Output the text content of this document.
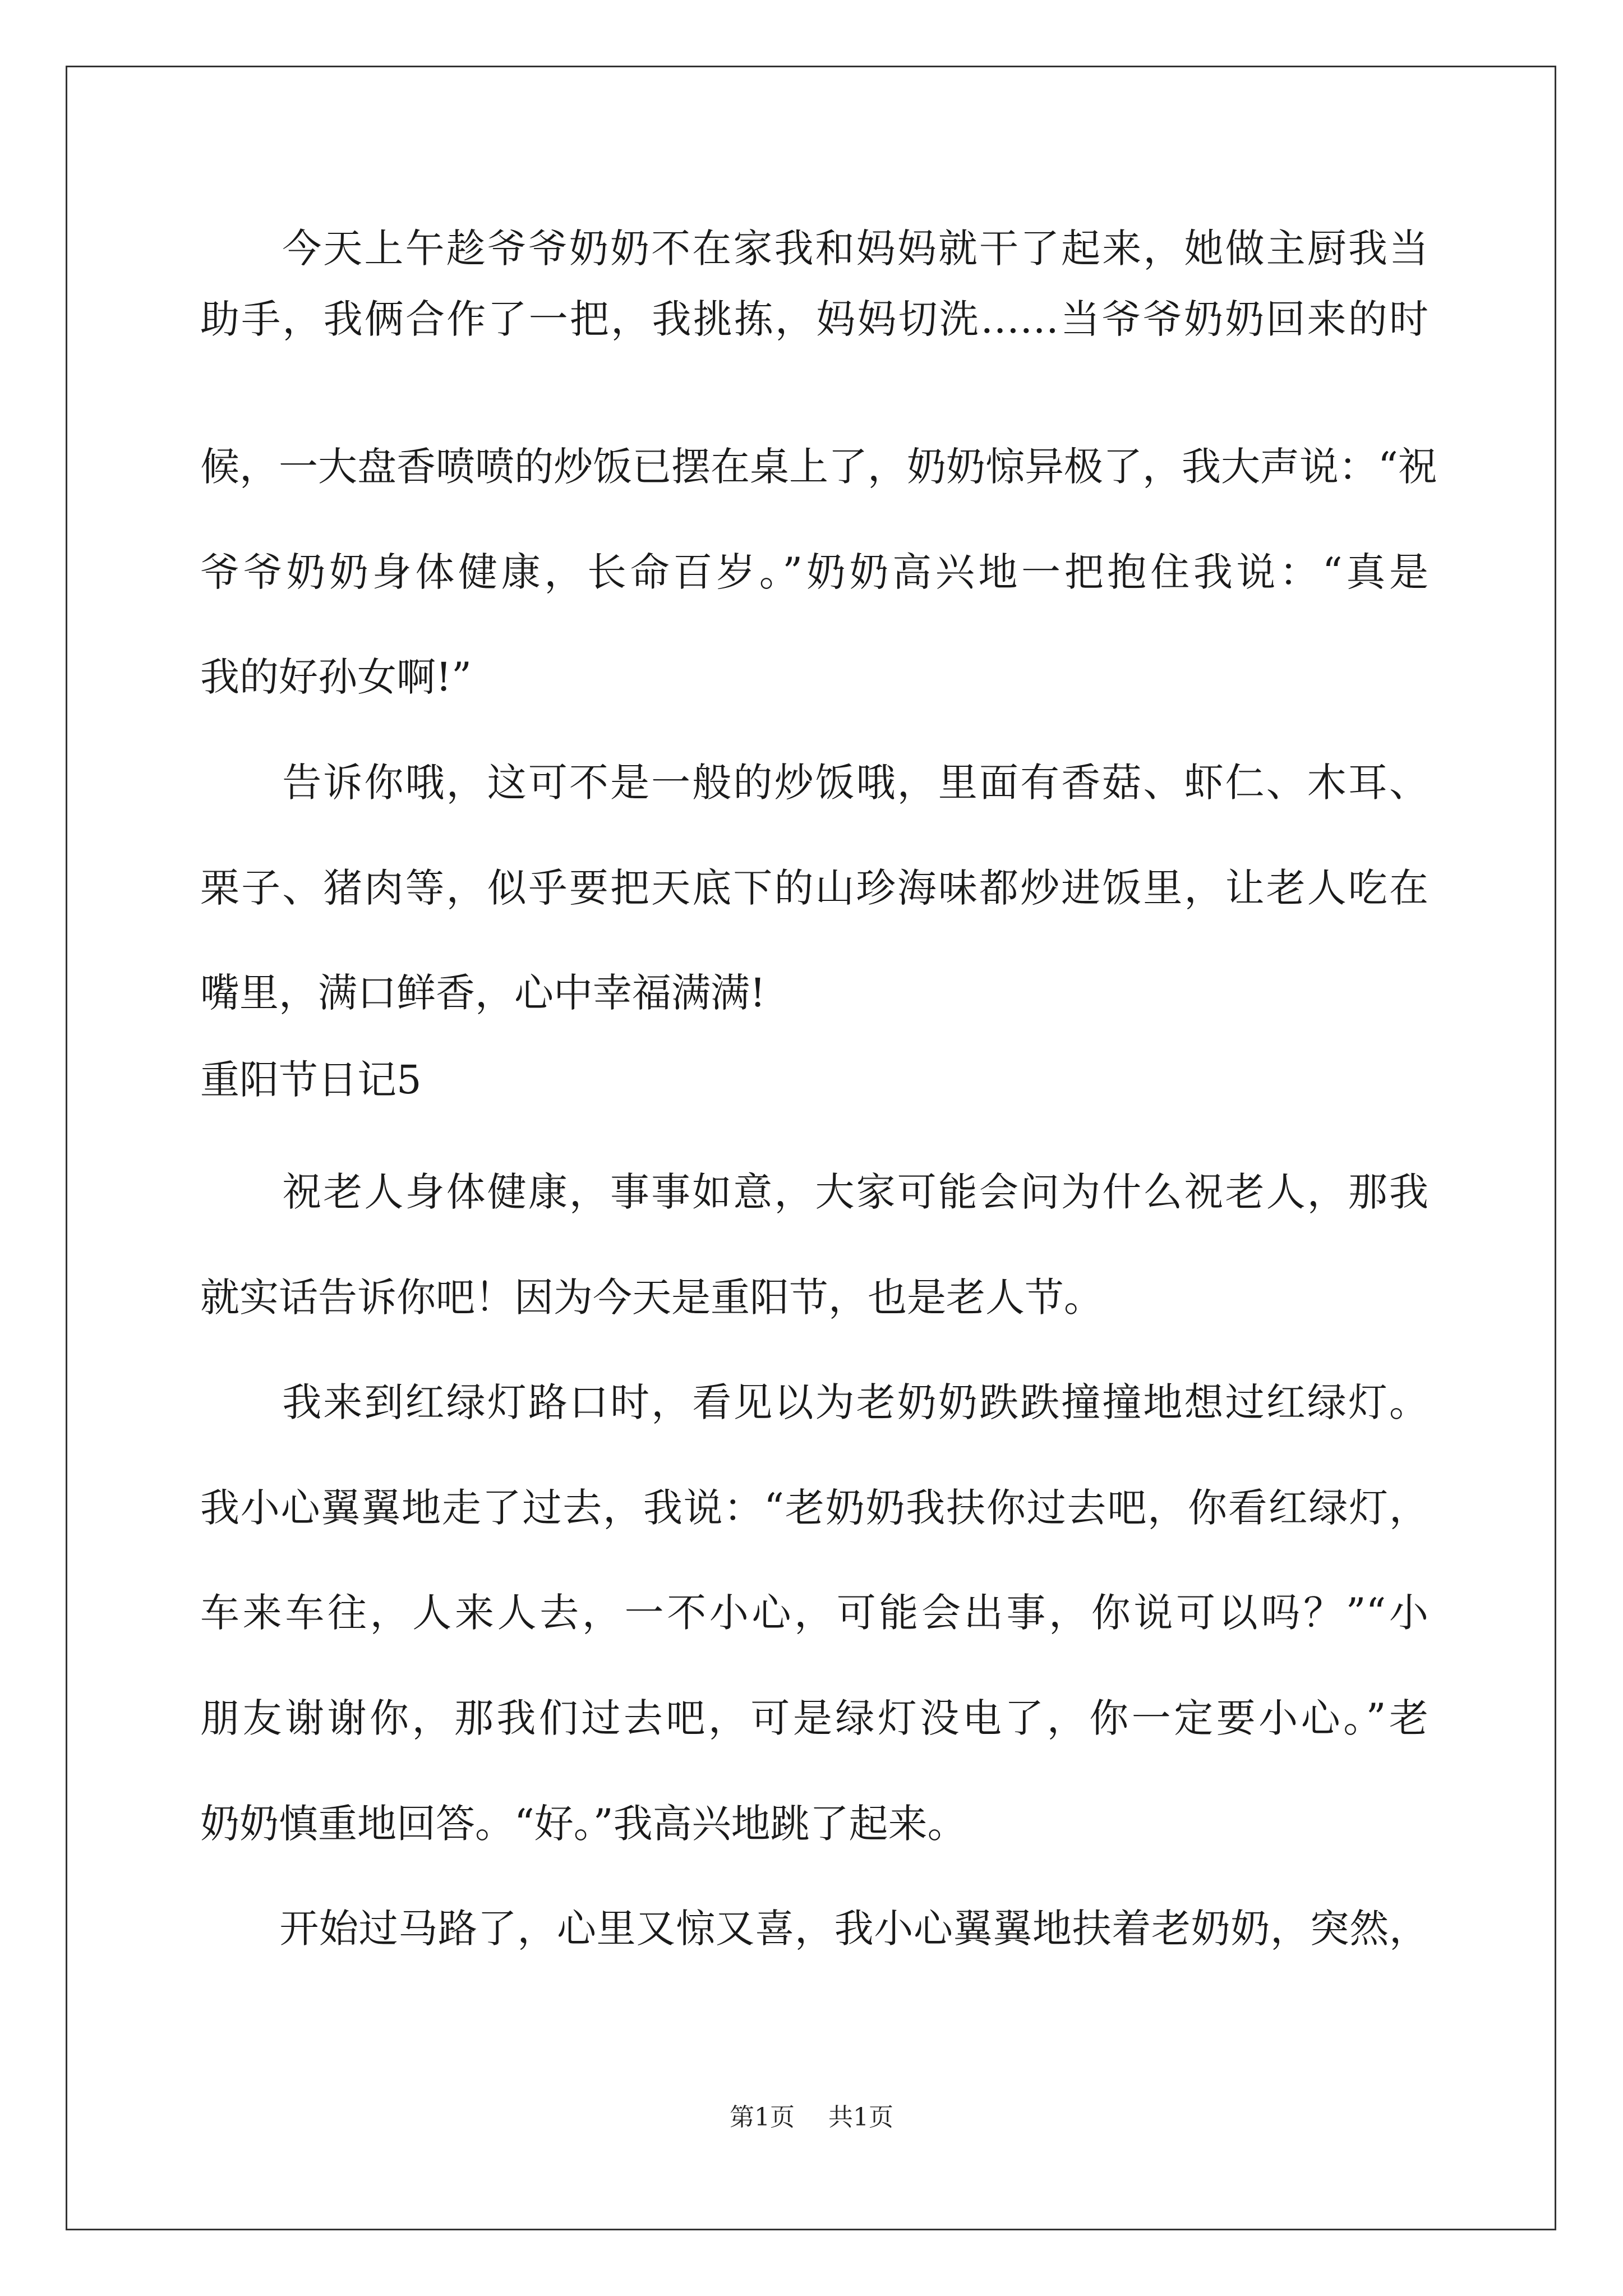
　　今天上午趁爷爷奶奶不在家我和妈妈就干了起来，她做主厨我当
助手，我俩合作了一把，我挑拣，妈妈切洗……当爷爷奶奶回来的时
候，一大盘香喷喷的炒饭已摆在桌上了，奶奶惊异极了，我大声说：“祝
爷爷奶奶身体健康，长命百岁。”奶奶高兴地一把抱住我说：“真是
我的好孙女啊!”
　　告诉你哦，这可不是一般的炒饭哦，里面有香菇、虾仁、木耳、
栗子、猪肉等，似乎要把天底下的山珍海味都炒进饭里，让老人吃在
嘴里，满口鲜香，心中幸福满满!
重阳节日记5
　　祝老人身体健康，事事如意，大家可能会问为什么祝老人，那我
就实话告诉你吧！因为今天是重阳节，也是老人节。
　　我来到红绿灯路口时，看见以为老奶奶跌跌撞撞地想过红绿灯。
我小心翼翼地走了过去，我说：“老奶奶我扶你过去吧，你看红绿灯，
车来车往，人来人去，一不小心，可能会出事，你说可以吗？”“小
朋友谢谢你，那我们过去吧，可是绿灯没电了，你一定要小心。”老
奶奶慎重地回答。“好。”我高兴地跳了起来。
　　开始过马路了，心里又惊又喜，我小心翼翼地扶着老奶奶，突然，
第1页 共1页
